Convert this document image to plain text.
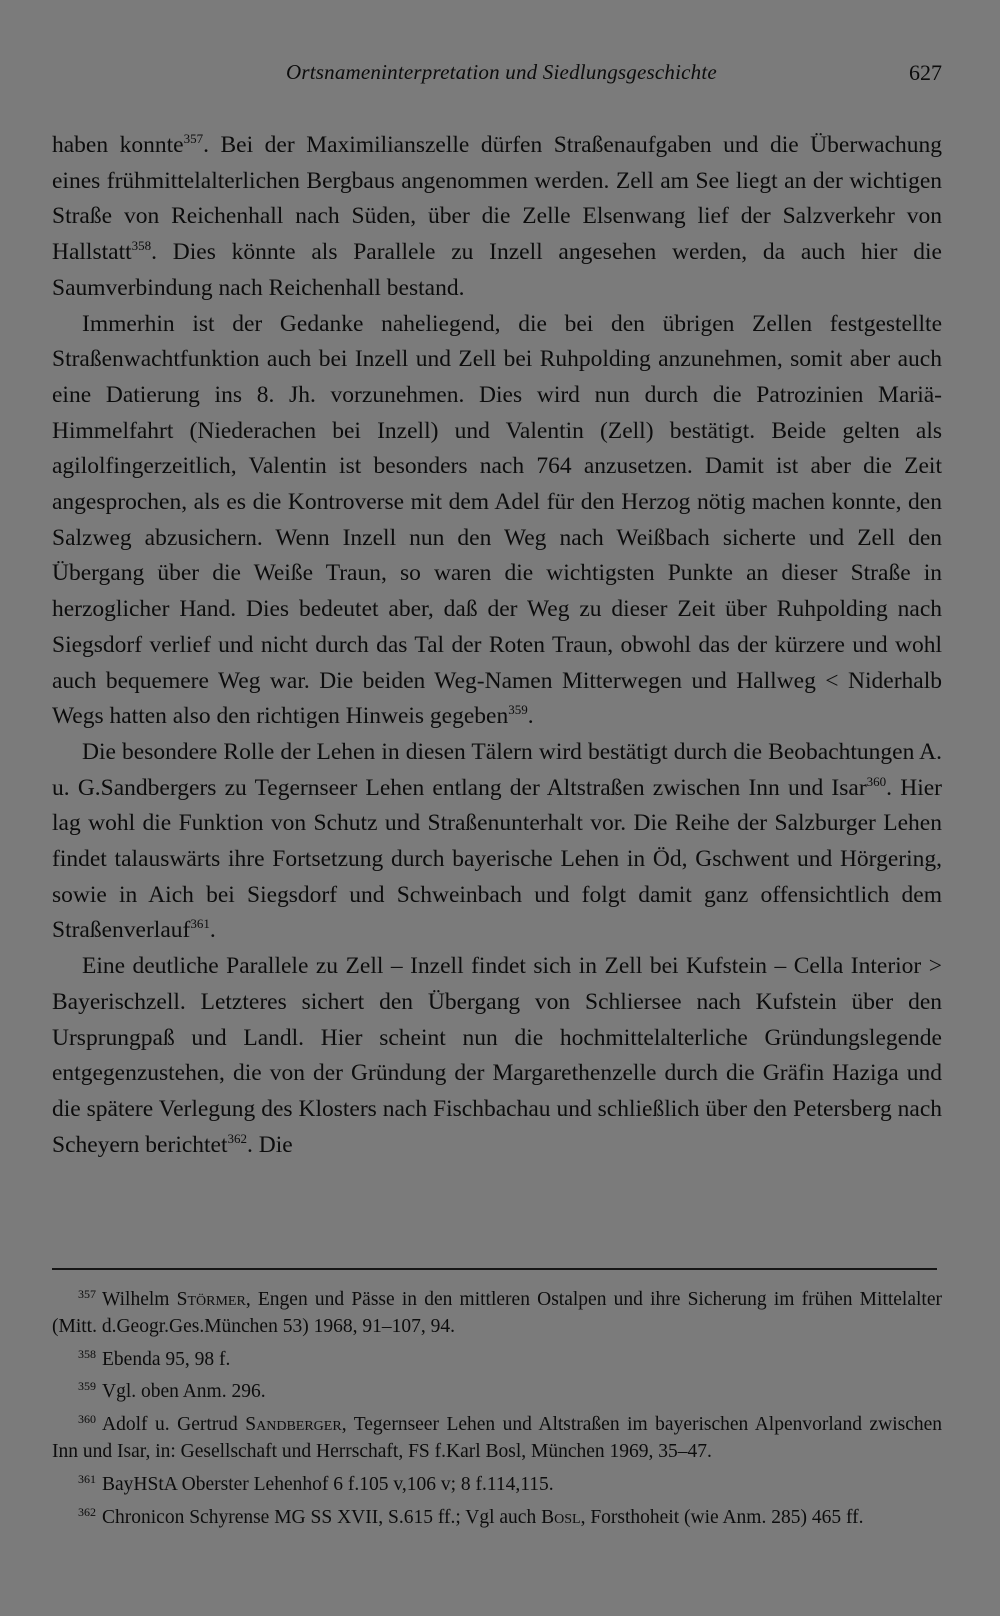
Ortsnameninterpretation und Siedlungsgeschichte	627

haben konnte$^{357}$. Bei der Maximilianszelle dürfen Straßenaufgaben und die Überwachung eines frühmittelalterlichen Bergbaus angenommen werden. Zell am See liegt an der wichtigen Straße von Reichenhall nach Süden, über die Zelle Elsenwang lief der Salzverkehr von Hallstatt$^{358}$. Dies könnte als Parallele zu Inzell angesehen werden, da auch hier die Saumverbindung nach Reichenhall bestand.

Immerhin ist der Gedanke naheliegend, die bei den übrigen Zellen festgestellte Straßenwachtfunktion auch bei Inzell und Zell bei Ruhpolding anzunehmen, somit aber auch eine Datierung ins 8. Jh. vorzunehmen. Dies wird nun durch die Patrozinien Mariä-Himmelfahrt (Niederachen bei Inzell) und Valentin (Zell) bestätigt. Beide gelten als agilolfingerzeitlich, Valentin ist besonders nach 764 anzusetzen. Damit ist aber die Zeit angesprochen, als es die Kontroverse mit dem Adel für den Herzog nötig machen konnte, den Salzweg abzusichern. Wenn Inzell nun den Weg nach Weißbach sicherte und Zell den Übergang über die Weiße Traun, so waren die wichtigsten Punkte an dieser Straße in herzoglicher Hand. Dies bedeutet aber, daß der Weg zu dieser Zeit über Ruhpolding nach Siegsdorf verlief und nicht durch das Tal der Roten Traun, obwohl das der kürzere und wohl auch bequemere Weg war. Die beiden Weg-Namen Mitterwegen und Hallweg < Niderhalb Wegs hatten also den richtigen Hinweis gegeben$^{359}$.

Die besondere Rolle der Lehen in diesen Tälern wird bestätigt durch die Beobachtungen A. u. G.Sandbergers zu Tegernseer Lehen entlang der Altstraßen zwischen Inn und Isar$^{360}$. Hier lag wohl die Funktion von Schutz und Straßenunterhalt vor. Die Reihe der Salzburger Lehen findet talauswärts ihre Fortsetzung durch bayerische Lehen in Öd, Gschwent und Hörgering, sowie in Aich bei Siegsdorf und Schweinbach und folgt damit ganz offensichtlich dem Straßenverlauf$^{361}$.

Eine deutliche Parallele zu Zell – Inzell findet sich in Zell bei Kufstein – Cella Interior > Bayerischzell. Letzteres sichert den Übergang von Schliersee nach Kufstein über den Ursprungpaß und Landl. Hier scheint nun die hochmittelalterliche Gründungslegende entgegenzustehen, die von der Gründung der Margarethenzelle durch die Gräfin Haziga und die spätere Verlegung des Klosters nach Fischbachau und schließlich über den Petersberg nach Scheyern berichtet$^{362}$. Die

357 Wilhelm Störmer, Engen und Pässe in den mittleren Ostalpen und ihre Sicherung im frühen Mittelalter (Mitt. d.Geogr.Ges.München 53) 1968, 91–107, 94.

358 Ebenda 95, 98 f.

359 Vgl. oben Anm. 296.

360 Adolf u. Gertrud Sandberger, Tegernseer Lehen und Altstraßen im bayerischen Alpenvorland zwischen Inn und Isar, in: Gesellschaft und Herrschaft, FS f.Karl Bosl, München 1969, 35–47.

361 BayHStA Oberster Lehenhof 6 f.105 v,106 v; 8 f.114,115.

362 Chronicon Schyrense MG SS XVII, S.615 ff.; Vgl auch Bosl, Forsthoheit (wie Anm. 285) 465 ff.
